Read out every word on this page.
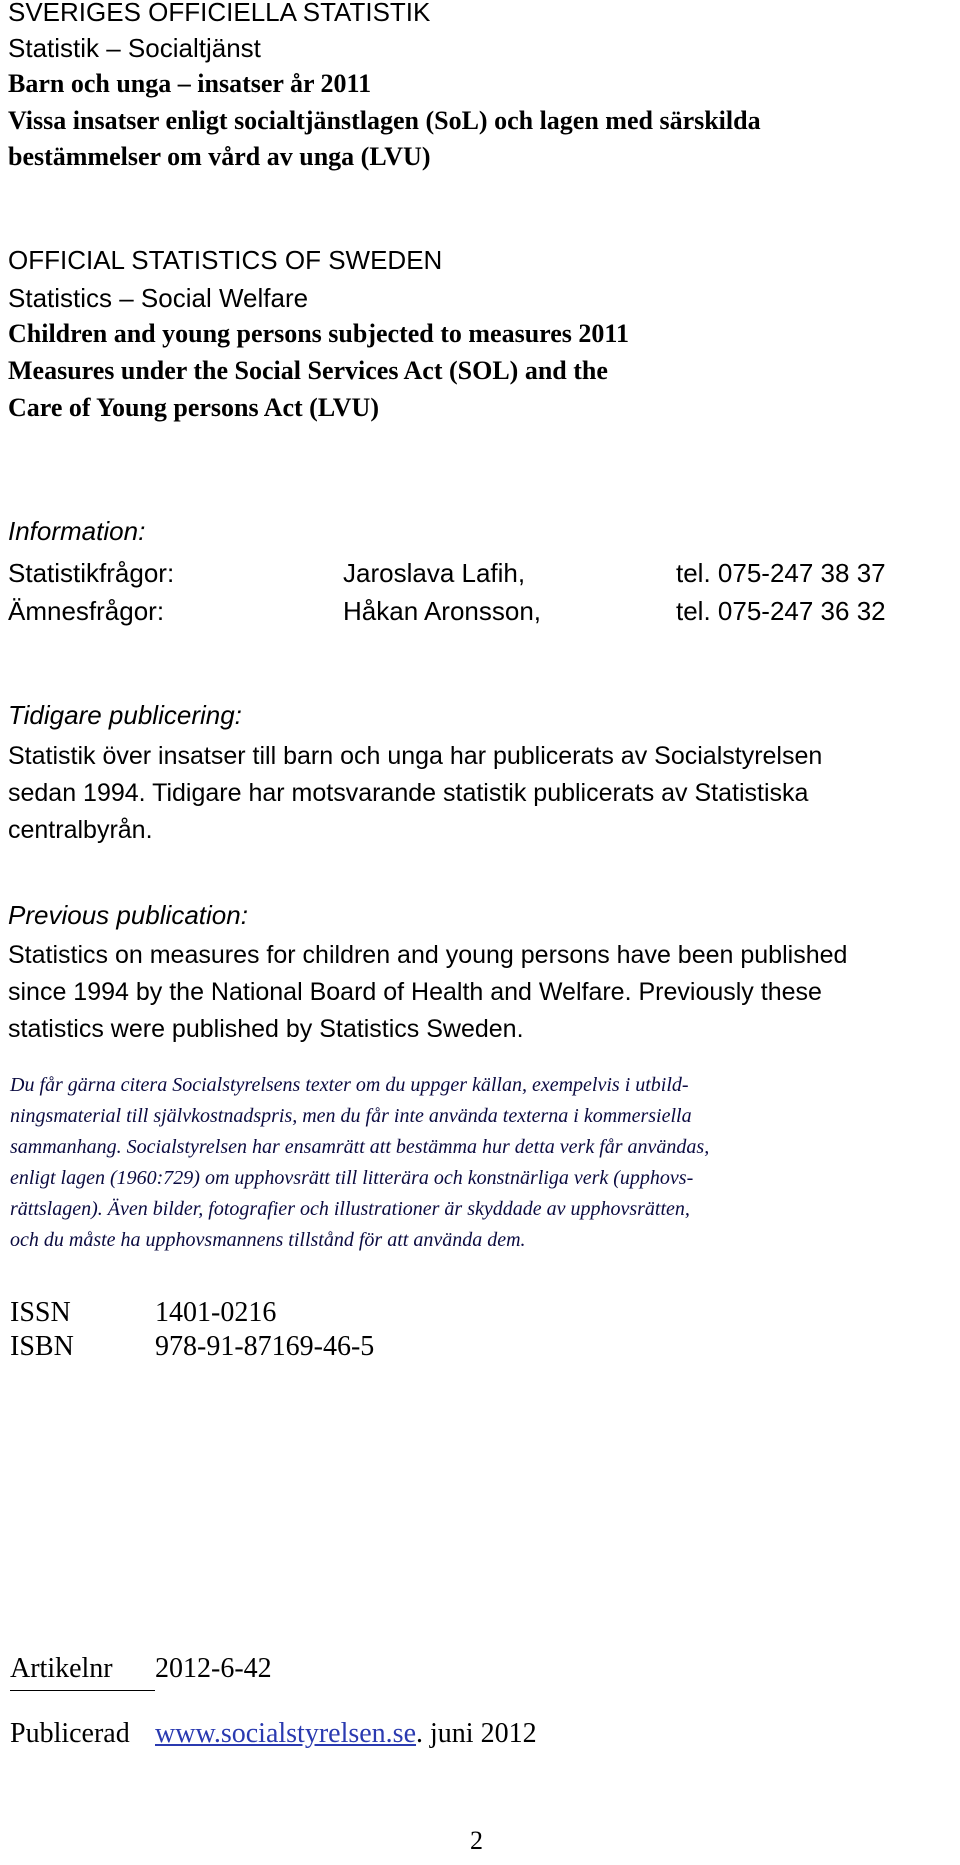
SVERIGES OFFICIELLA STATISTIK
Statistik – Socialtjänst
Barn och unga – insatser år 2011
Vissa insatser enligt socialtjänstlagen (SoL) och lagen med särskilda
bestämmelser om vård av unga (LVU)
OFFICIAL STATISTICS OF SWEDEN
Statistics – Social Welfare
Children and young persons subjected to measures 2011
Measures under the Social Services Act (SOL) and the
Care of Young persons Act (LVU)
Information:
Statistikfrågor:	Jaroslava Lafih,	tel. 075-247 38 37
Ämnesfrågor:	Håkan Aronsson,	tel. 075-247 36 32
Tidigare publicering:
Statistik över insatser till barn och unga har publicerats av Socialstyrelsen
sedan 1994. Tidigare har motsvarande statistik publicerats av Statistiska
centralbyrån.
Previous publication:
Statistics on measures for children and young persons have been published
since 1994 by the National Board of Health and Welfare. Previously these
statistics were published by Statistics Sweden.
Du får gärna citera Socialstyrelsens texter om du uppger källan, exempelvis i utbild-
ningsmaterial till självkostnadspris, men du får inte använda texterna i kommersiella
sammanhang. Socialstyrelsen har ensamrätt att bestämma hur detta verk får användas,
enligt lagen (1960:729) om upphovsrätt till litterära och konstnärliga verk (upphovs-
rättslagen). Även bilder, fotografier och illustrationer är skyddade av upphovsrätten,
och du måste ha upphovsmannens tillstånd för att använda dem.
ISSN	1401-0216
ISBN	978-91-87169-46-5
Artikelnr 2012-6-42
Publicerad www.socialstyrelsen.se. juni 2012
2
